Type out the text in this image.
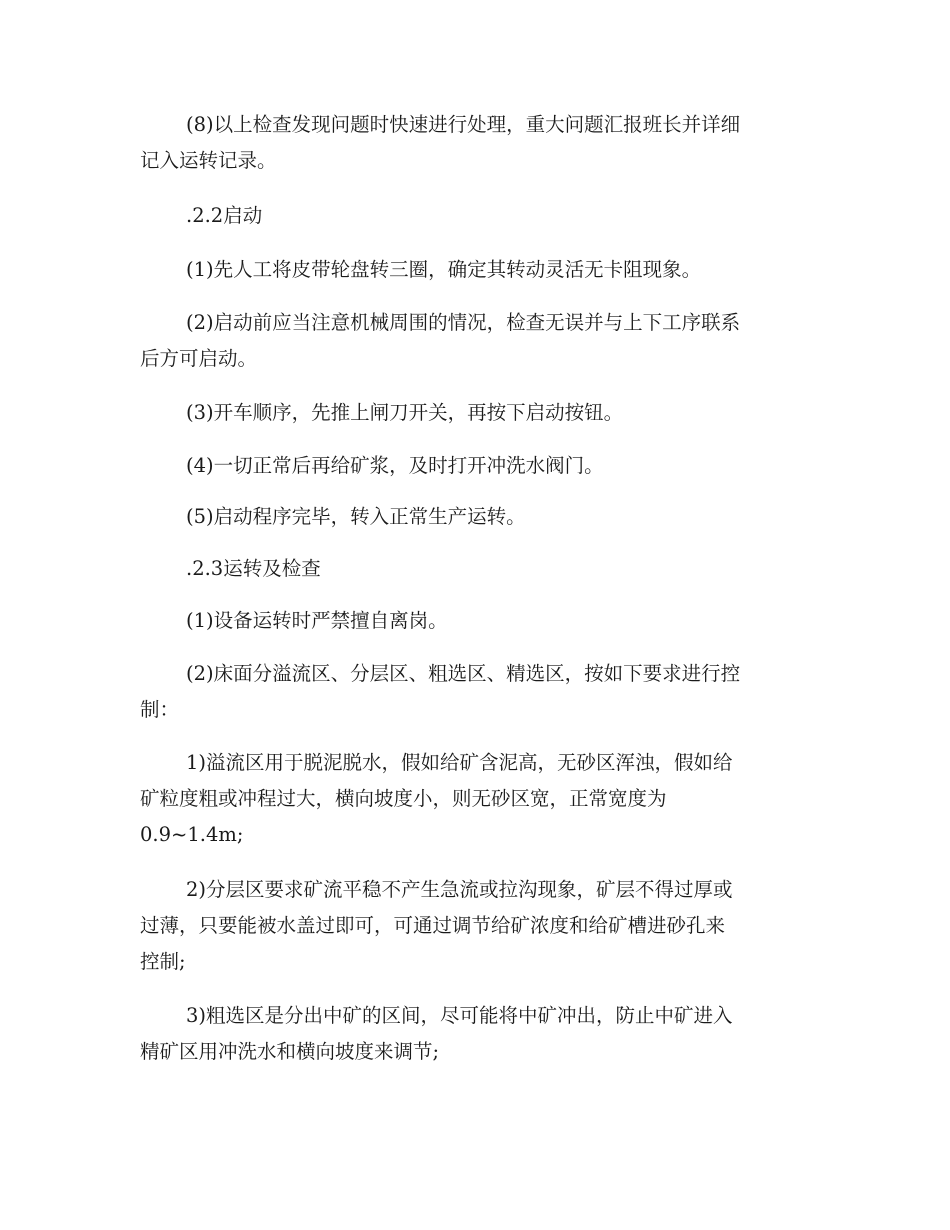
(8)以上检查发现问题时快速进行处理，重大问题汇报班长并详细
记入运转记录。
.2.2启动
(1)先人工将皮带轮盘转三圈，确定其转动灵活无卡阻现象。
(2)启动前应当注意机械周围的情况，检查无误并与上下工序联系
后方可启动。
(3)开车顺序，先推上闸刀开关，再按下启动按钮。
(4)一切正常后再给矿浆，及时打开冲洗水阀门。
(5)启动程序完毕，转入正常生产运转。
.2.3运转及检查
(1)设备运转时严禁擅自离岗。
(2)床面分溢流区、分层区、粗选区、精选区，按如下要求进行控
制：
1)溢流区用于脱泥脱水，假如给矿含泥高，无砂区浑浊，假如给
矿粒度粗或冲程过大，横向坡度小，则无砂区宽，正常宽度为
0.9~1.4m;
2)分层区要求矿流平稳不产生急流或拉沟现象，矿层不得过厚或
过薄，只要能被水盖过即可，可通过调节给矿浓度和给矿槽进砂孔来
控制;
3)粗选区是分出中矿的区间，尽可能将中矿冲出，防止中矿进入
精矿区用冲洗水和横向坡度来调节;
